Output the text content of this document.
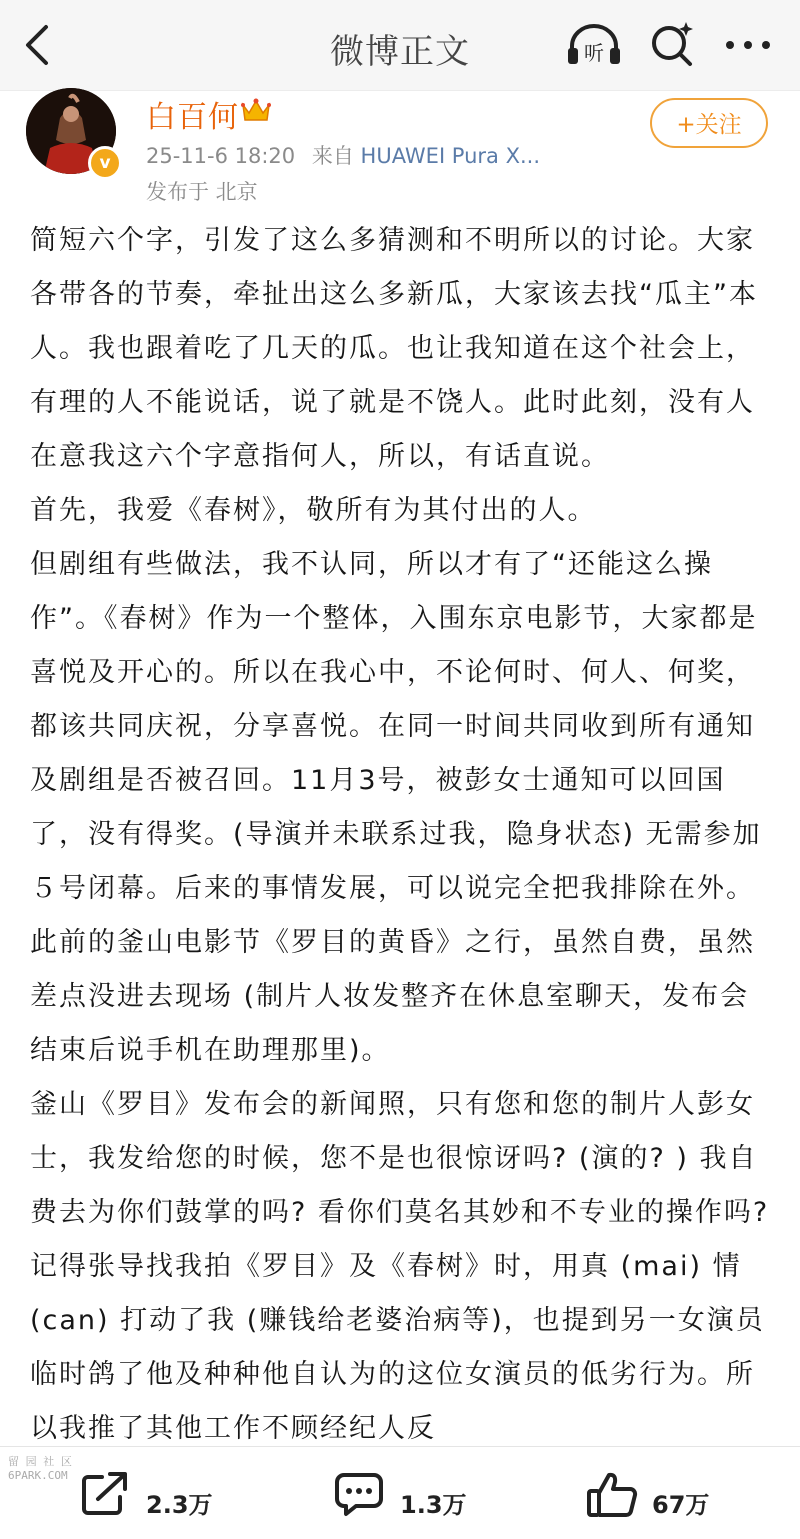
微博正文	听
v
白百何
25-11-6 18:20 来自 HUAWEI Pura X...
发布于 北京
+关注

简短六个字，引发了这么多猜测和不明所以的讨论。大家各带各的节奏，牵扯出这么多新瓜，大家该去找“瓜主”本人。我也跟着吃了几天的瓜。也让我知道在这个社会上，有理的人不能说话，说了就是不饶人。此时此刻，没有人在意我这六个字意指何人，所以，有话直说。

首先，我爱《春树》，敬所有为其付出的人。

但剧组有些做法，我不认同，所以才有了“还能这么操作”。《春树》作为一个整体，入围东京电影节，大家都是喜悦及开心的。所以在我心中，不论何时、何人、何奖，都该共同庆祝，分享喜悦。在同一时间共同收到所有通知及剧组是否被召回。11月3号，被彭女士通知可以回国了，没有得奖。(导演并未联系过我，隐身状态) 无需参加５号闭幕。后来的事情发展，可以说完全把我排除在外。

此前的釜山电影节《罗目的黄昏》之行，虽然自费，虽然差点没进去现场 (制片人妆发整齐在休息室聊天，发布会结束后说手机在助理那里)。

釜山《罗目》发布会的新闻照，只有您和您的制片人彭女士，我发给您的时候，您不是也很惊讶吗? (演的? ) 我自费去为你们鼓掌的吗? 看你们莫名其妙和不专业的操作吗?

记得张导找我拍《罗目》及《春树》时，用真 (mai) 情 (can) 打动了我 (赚钱给老婆治病等)，也提到另一女演员临时鸽了他及种种他自认为的这位女演员的低劣行为。所以我推了其他工作不顾经纪人反

2.3万	1.3万	67万
留 园 社 区
6PARK.COM
